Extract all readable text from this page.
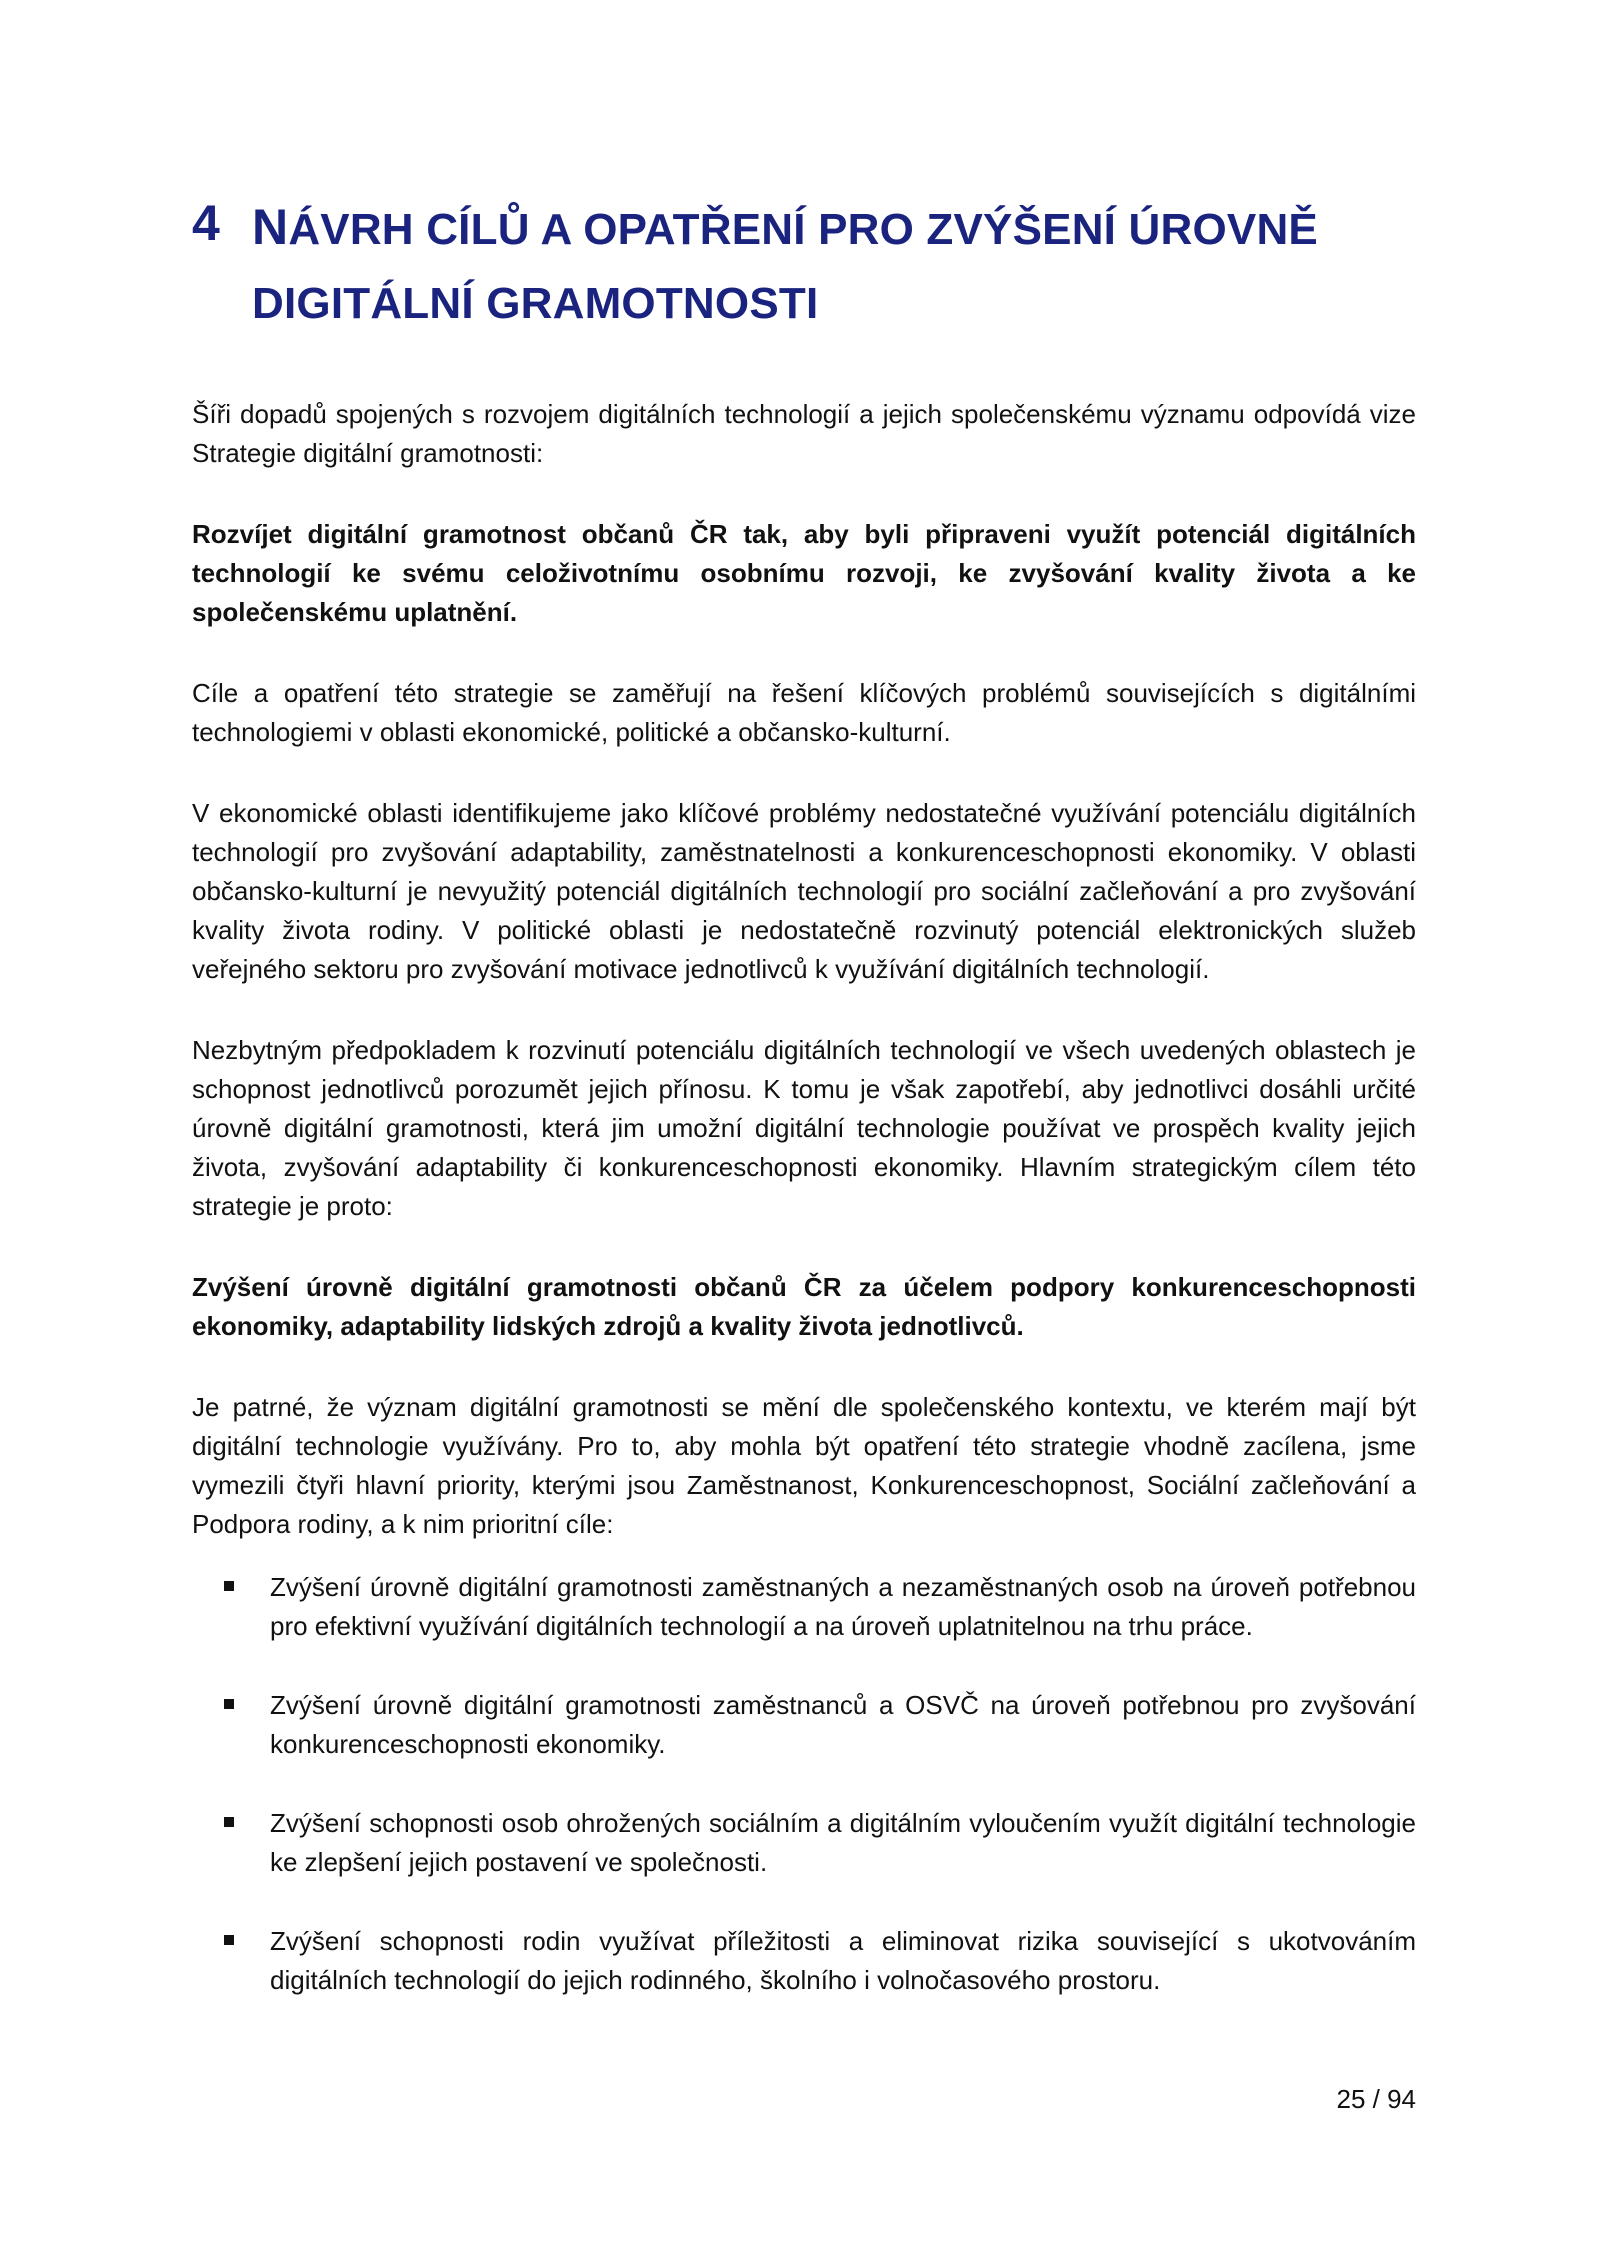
4 NÁVRH CÍLŮ A OPATŘENÍ PRO ZVÝŠENÍ ÚROVNĚ
DIGITÁLNÍ GRAMOTNOSTI

Šíři dopadů spojených s rozvojem digitálních technologií a jejich společenskému významu odpovídá vize Strategie digitální gramotnosti:

Rozvíjet digitální gramotnost občanů ČR tak, aby byli připraveni využít potenciál digitálních technologií ke svému celoživotnímu osobnímu rozvoji, ke zvyšování kvality života a ke společenskému uplatnění.

Cíle a opatření této strategie se zaměřují na řešení klíčových problémů souvisejících s digitálními technologiemi v oblasti ekonomické, politické a občansko-kulturní.

V ekonomické oblasti identifikujeme jako klíčové problémy nedostatečné využívání potenciálu digitálních technologií pro zvyšování adaptability, zaměstnatelnosti a konkurenceschopnosti ekonomiky. V oblasti občansko-kulturní je nevyužitý potenciál digitálních technologií pro sociální začleňování a pro zvyšování kvality života rodiny. V politické oblasti je nedostatečně rozvinutý potenciál elektronických služeb veřejného sektoru pro zvyšování motivace jednotlivců k využívání digitálních technologií.

Nezbytným předpokladem k rozvinutí potenciálu digitálních technologií ve všech uvedených oblastech je schopnost jednotlivců porozumět jejich přínosu. K tomu je však zapotřebí, aby jednotlivci dosáhli určité úrovně digitální gramotnosti, která jim umožní digitální technologie používat ve prospěch kvality jejich života, zvyšování adaptability či konkurenceschopnosti ekonomiky. Hlavním strategickým cílem této strategie je proto:

Zvýšení úrovně digitální gramotnosti občanů ČR za účelem podpory konkurenceschopnosti ekonomiky, adaptability lidských zdrojů a kvality života jednotlivců.

Je patrné, že význam digitální gramotnosti se mění dle společenského kontextu, ve kterém mají být digitální technologie využívány. Pro to, aby mohla být opatření této strategie vhodně zacílena, jsme vymezili čtyři hlavní priority, kterými jsou Zaměstnanost, Konkurenceschopnost, Sociální začleňování a Podpora rodiny, a k nim prioritní cíle:

Zvýšení úrovně digitální gramotnosti zaměstnaných a nezaměstnaných osob na úroveň potřebnou pro efektivní využívání digitálních technologií a na úroveň uplatnitelnou na trhu práce.
Zvýšení úrovně digitální gramotnosti zaměstnanců a OSVČ na úroveň potřebnou pro zvyšování konkurenceschopnosti ekonomiky.
Zvýšení schopnosti osob ohrožených sociálním a digitálním vyloučením využít digitální technologie ke zlepšení jejich postavení ve společnosti.
Zvýšení schopnosti rodin využívat příležitosti a eliminovat rizika související s ukotvováním digitálních technologií do jejich rodinného, školního i volnočasového prostoru.
25 / 94
